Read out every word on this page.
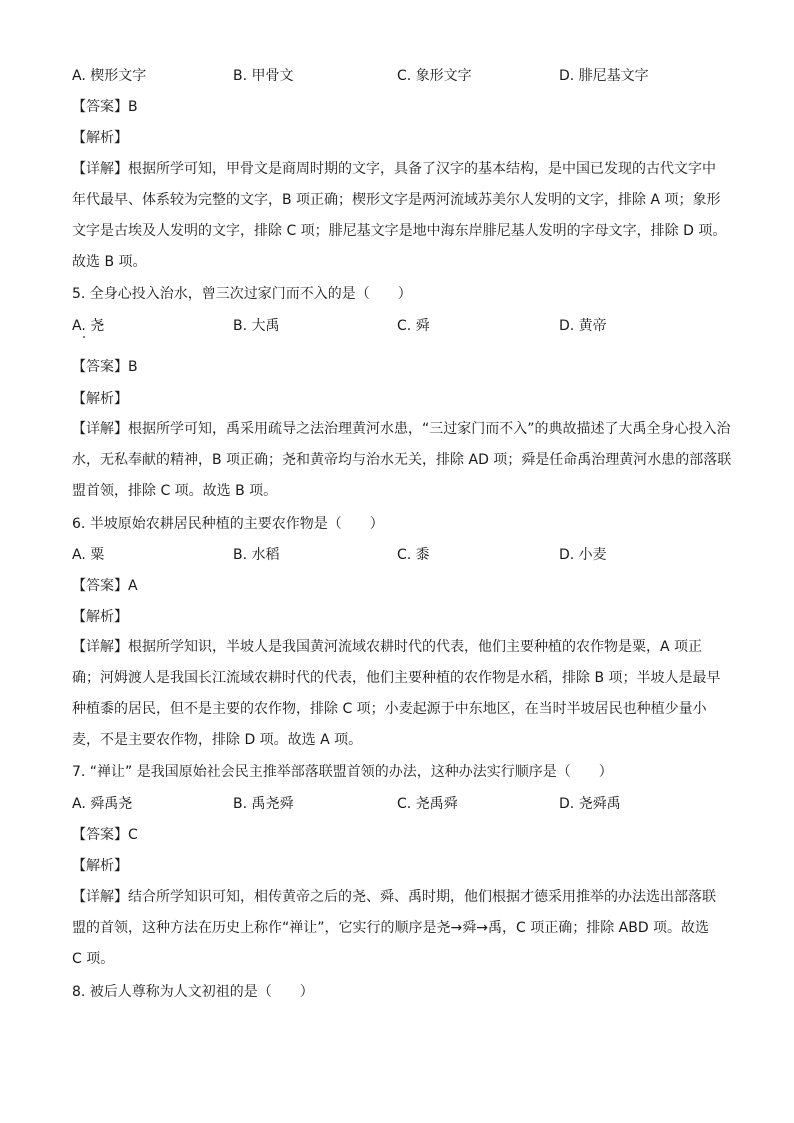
A. 楔形文字	B. 甲骨文	C. 象形文字	D. 腓尼基文字
【答案】B
【解析】
【详解】根据所学可知，甲骨文是商周时期的文字，具备了汉字的基本结构，是中国已发现的古代文字中
年代最早、体系较为完整的文字，B 项正确；楔形文字是两河流域苏美尔人发明的文字，排除 A 项；象形
文字是古埃及人发明的文字，排除 C 项；腓尼基文字是地中海东岸腓尼基人发明的字母文字，排除 D 项。
故选 B 项。
5. 全身心投入治水，曾三次过家门而不入的是（　　）
A. 尧	B. 大禹	C. 舜	D. 黄帝
【答案】B
【解析】
【详解】根据所学可知，禹采用疏导之法治理黄河水患，“三过家门而不入”的典故描述了大禹全身心投入治
水，无私奉献的精神，B 项正确；尧和黄帝均与治水无关，排除 AD 项；舜是任命禹治理黄河水患的部落联
盟首领，排除 C 项。故选 B 项。
6. 半坡原始农耕居民种植的主要农作物是（　　）
A. 粟	B. 水稻	C. 黍	D. 小麦
【答案】A
【解析】
【详解】根据所学知识，半坡人是我国黄河流域农耕时代的代表，他们主要种植的农作物是粟，A 项正
确；河姆渡人是我国长江流域农耕时代的代表，他们主要种植的农作物是水稻，排除 B 项；半坡人是最早
种植黍的居民，但不是主要的农作物，排除 C 项；小麦起源于中东地区，在当时半坡居民也种植少量小
麦，不是主要农作物，排除 D 项。故选 A 项。
7. “禅让” 是我国原始社会民主推举部落联盟首领的办法，这种办法实行顺序是（　　）
A. 舜禹尧	B. 禹尧舜	C. 尧禹舜	D. 尧舜禹
【答案】C
【解析】
【详解】结合所学知识可知，相传黄帝之后的尧、舜、禹时期，他们根据才德采用推举的办法选出部落联
盟的首领，这种方法在历史上称作“禅让”，它实行的顺序是尧→舜→禹，C 项正确；排除 ABD 项。故选
C 项。
8. 被后人尊称为人文初祖的是（　　）
